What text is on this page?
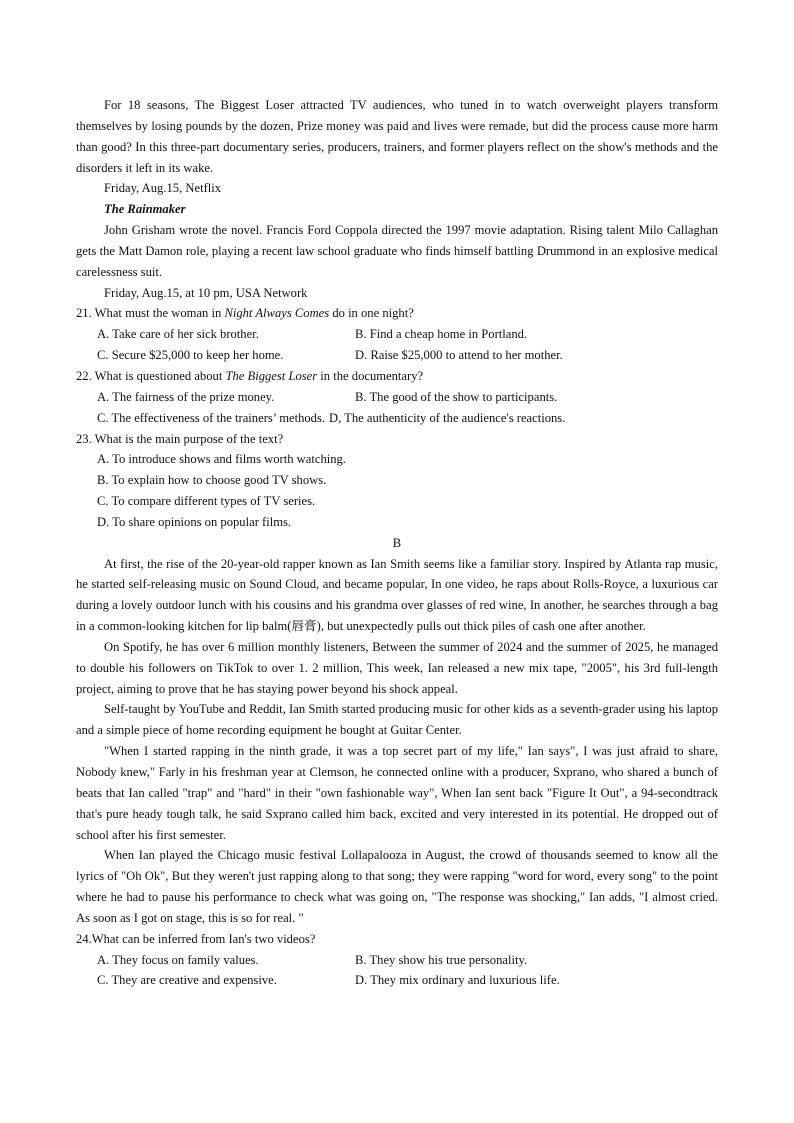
For 18 seasons, The Biggest Loser attracted TV audiences, who tuned in to watch overweight players transform themselves by losing pounds by the dozen, Prize money was paid and lives were remade, but did the process cause more harm than good? In this three-part documentary series, producers, trainers, and former players reflect on the show's methods and the disorders it left in its wake.

Friday, Aug.15, Netflix

The Rainmaker

John Grisham wrote the novel. Francis Ford Coppola directed the 1997 movie adaptation. Rising talent Milo Callaghan gets the Matt Damon role, playing a recent law school graduate who finds himself battling Drummond in an explosive medical carelessness suit.

Friday, Aug.15, at 10 pm, USA Network

21. What must the woman in Night Always Comes do in one night?

A. Take care of her sick brother.	B. Find a cheap home in Portland.
C. Secure $25,000 to keep her home.	D. Raise $25,000 to attend to her mother.

22. What is questioned about The Biggest Loser in the documentary?

A. The fairness of the prize money.	B. The good of the show to participants.
C. The effectiveness of the trainers’ methods. D, The authenticity of the audience's reactions.

23. What is the main purpose of the text?

A. To introduce shows and films worth watching.

B. To explain how to choose good TV shows.

C. To compare different types of TV series.

D. To share opinions on popular films.

B

At first, the rise of the 20-year-old rapper known as Ian Smith seems like a familiar story. Inspired by Atlanta rap music, he started self-releasing music on Sound Cloud, and became popular, In one video, he raps about Rolls-Royce, a luxurious car during a lovely outdoor lunch with his cousins and his grandma over glasses of red wine, In another, he searches through a bag in a common-looking kitchen for lip balm(唇膏), but unexpectedly pulls out thick piles of cash one after another.

On Spotify, he has over 6 million monthly listeners, Between the summer of 2024 and the summer of 2025, he managed to double his followers on TikTok to over 1. 2 million, This week, Ian released a new mix tape, "2005", his 3rd full-length project, aiming to prove that he has staying power beyond his shock appeal.

Self-taught by YouTube and Reddit, Ian Smith started producing music for other kids as a seventh-grader using his laptop and a simple piece of home recording equipment he bought at Guitar Center.

"When I started rapping in the ninth grade, it was a top secret part of my life," Ian says", I was just afraid to share, Nobody knew," Farly in his freshman year at Clemson, he connected online with a producer, Sxprano, who shared a bunch of beats that Ian called "trap" and "hard" in their "own fashionable way", When Ian sent back "Figure It Out", a 94-secondtrack that's pure heady tough talk, he said Sxprano called him back, excited and very interested in its potential. He dropped out of school after his first semester.

When Ian played the Chicago music festival Lollapalooza in August, the crowd of thousands seemed to know all the lyrics of "Oh Ok", But they weren't just rapping along to that song; they were rapping "word for word, every song" to the point where he had to pause his performance to check what was going on, "The response was shocking," Ian adds, "I almost cried. As soon as I got on stage, this is so for real. "

24.What can be inferred from Ian's two videos?

A. They focus on family values.	B. They show his true personality.
C. They are creative and expensive.	D. They mix ordinary and luxurious life.
